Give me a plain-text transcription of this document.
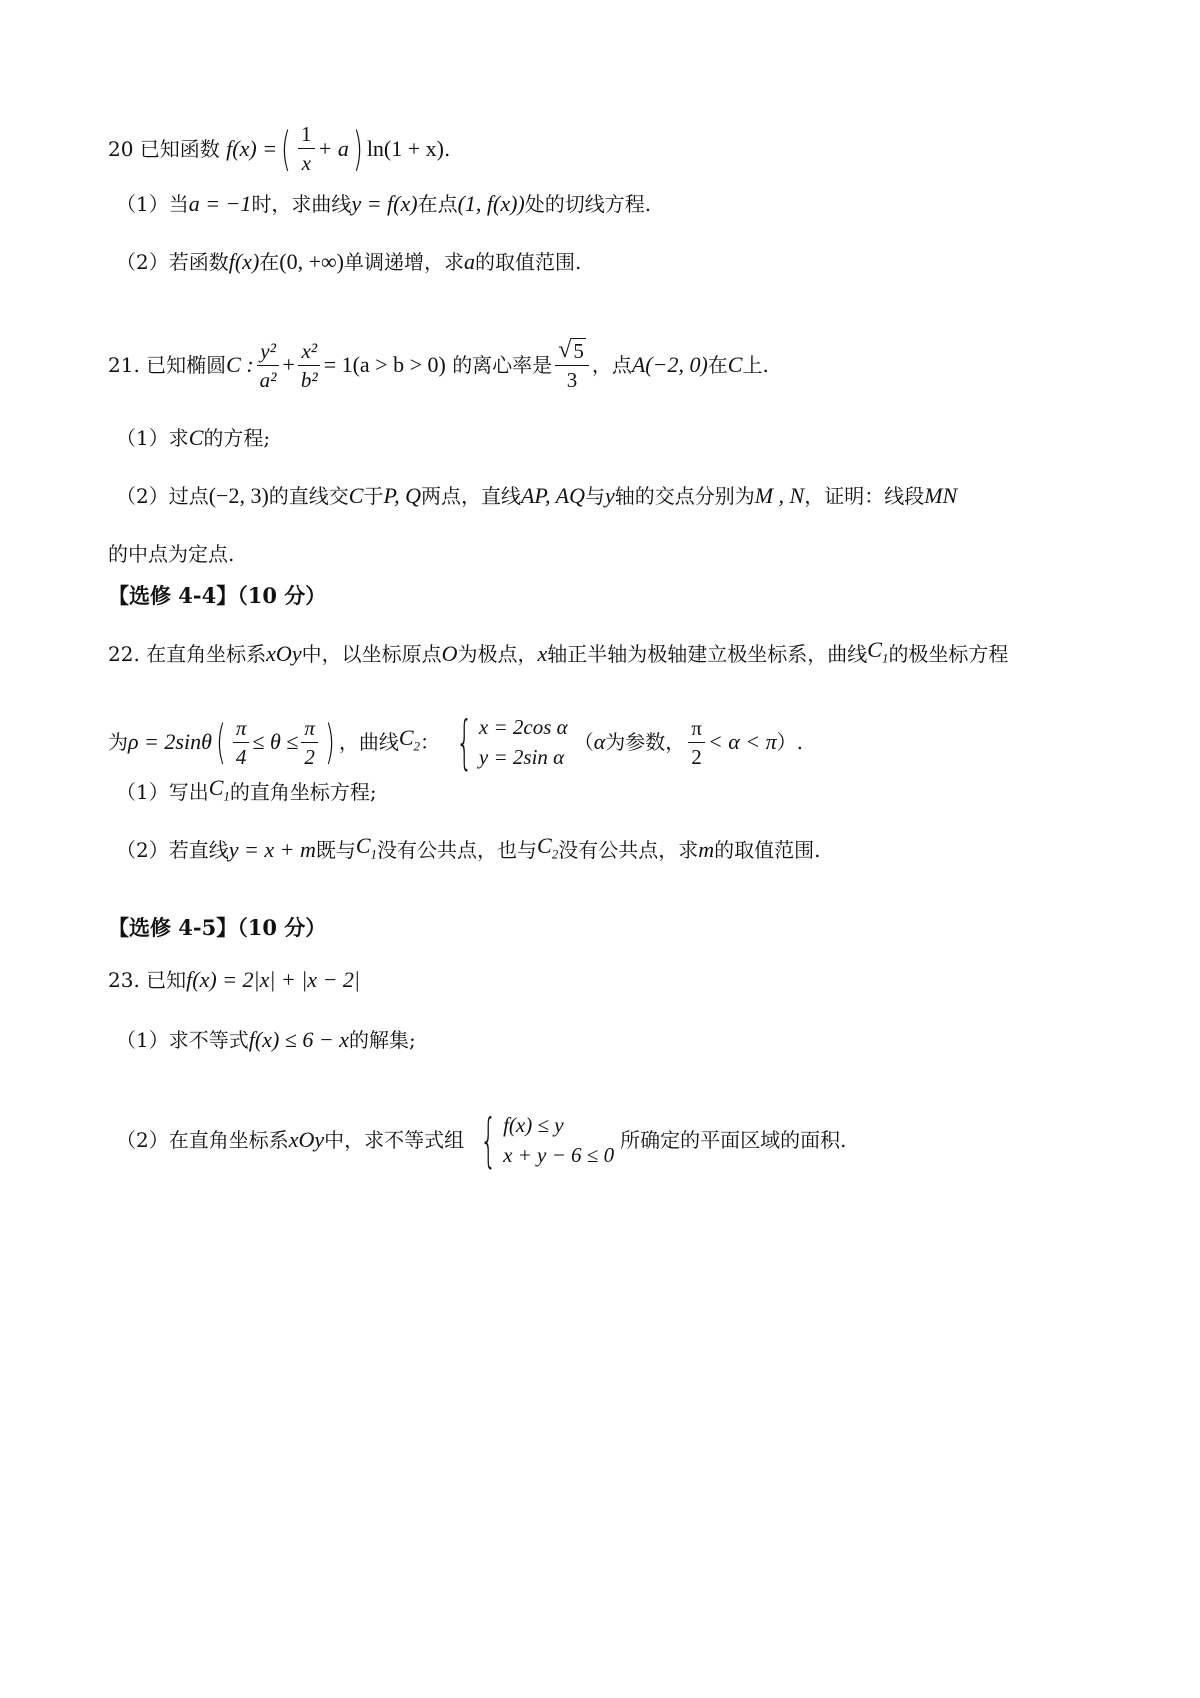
20 已知函数
f(x) = ( $\frac{1}{x} + a$ ) ln(1 + x) .
（1）当 a = −1 时，求曲线 y = f(x) 在点 (1, f(x)) 处的切线方程.
（2）若函数 f(x) 在 (0, +∞) 单调递增，求 a 的取值范围.
21. 已知椭圆 C : $\frac{\text{y²}}{\text{a²}} + \frac{\text{x²}}{\text{b²}} = 1(a > b > 0)$
的离心率是 $\frac{√ 5}{3}$ ，点 A(−2, 0) 在 C 上.
（1）求 C 的方程;
（2）过点 (−2, 3) 的直线交 C 于 P, Q 两点，直线 AP, AQ 与 y 轴的交点分别为 M , N ，证明：线段 MN
的中点为定点.
【选修 4-4】（10 分）
22. 在直角坐标系 xOy 中，以坐标原点 O 为极点， x 轴正半轴为极轴建立极坐标系，曲线 $C_1$ 的极坐标方程
为 ρ = 2sinθ ( $\frac{\pi}{4} \le \theta \le \frac{\pi}{2}$ ) ，曲线 $C_2$ ： { x = 2cos α
y = 2sin α
（ α 为参数， $\frac{\pi}{2} < \alpha < \pi$ ）.
（1）写出 $C_1$ 的直角坐标方程;
（2）若直线 y = x + m 既与 $C_1$ 没有公共点，也与 $C_2$ 没有公共点，求 m 的取值范围.
【选修 4-5】（10 分）
23. 已知 f(x) = 2|x| + |x − 2|
（1）求不等式 f(x) ≤ 6 − x 的解集;
（2）在直角坐标系 xOy 中，求不等式组 { f(x) ≤ y
x + y − 6 ≤ 0
所确定的平面区域的面积.
